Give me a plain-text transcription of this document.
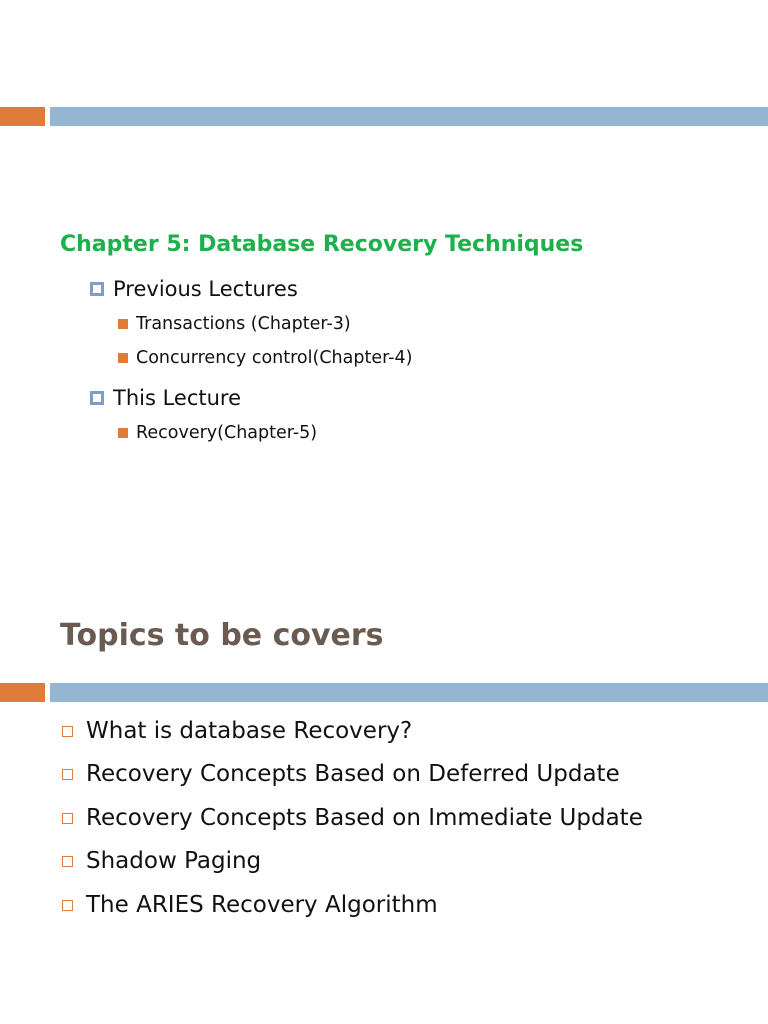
Chapter 5: Database Recovery Techniques
Previous Lectures
Transactions (Chapter-3)
Concurrency control(Chapter-4)
This Lecture
Recovery(Chapter-5)
Topics to be covers
What is database Recovery?
Recovery Concepts Based on Deferred Update
Recovery Concepts Based on Immediate Update
Shadow Paging
The ARIES Recovery Algorithm
